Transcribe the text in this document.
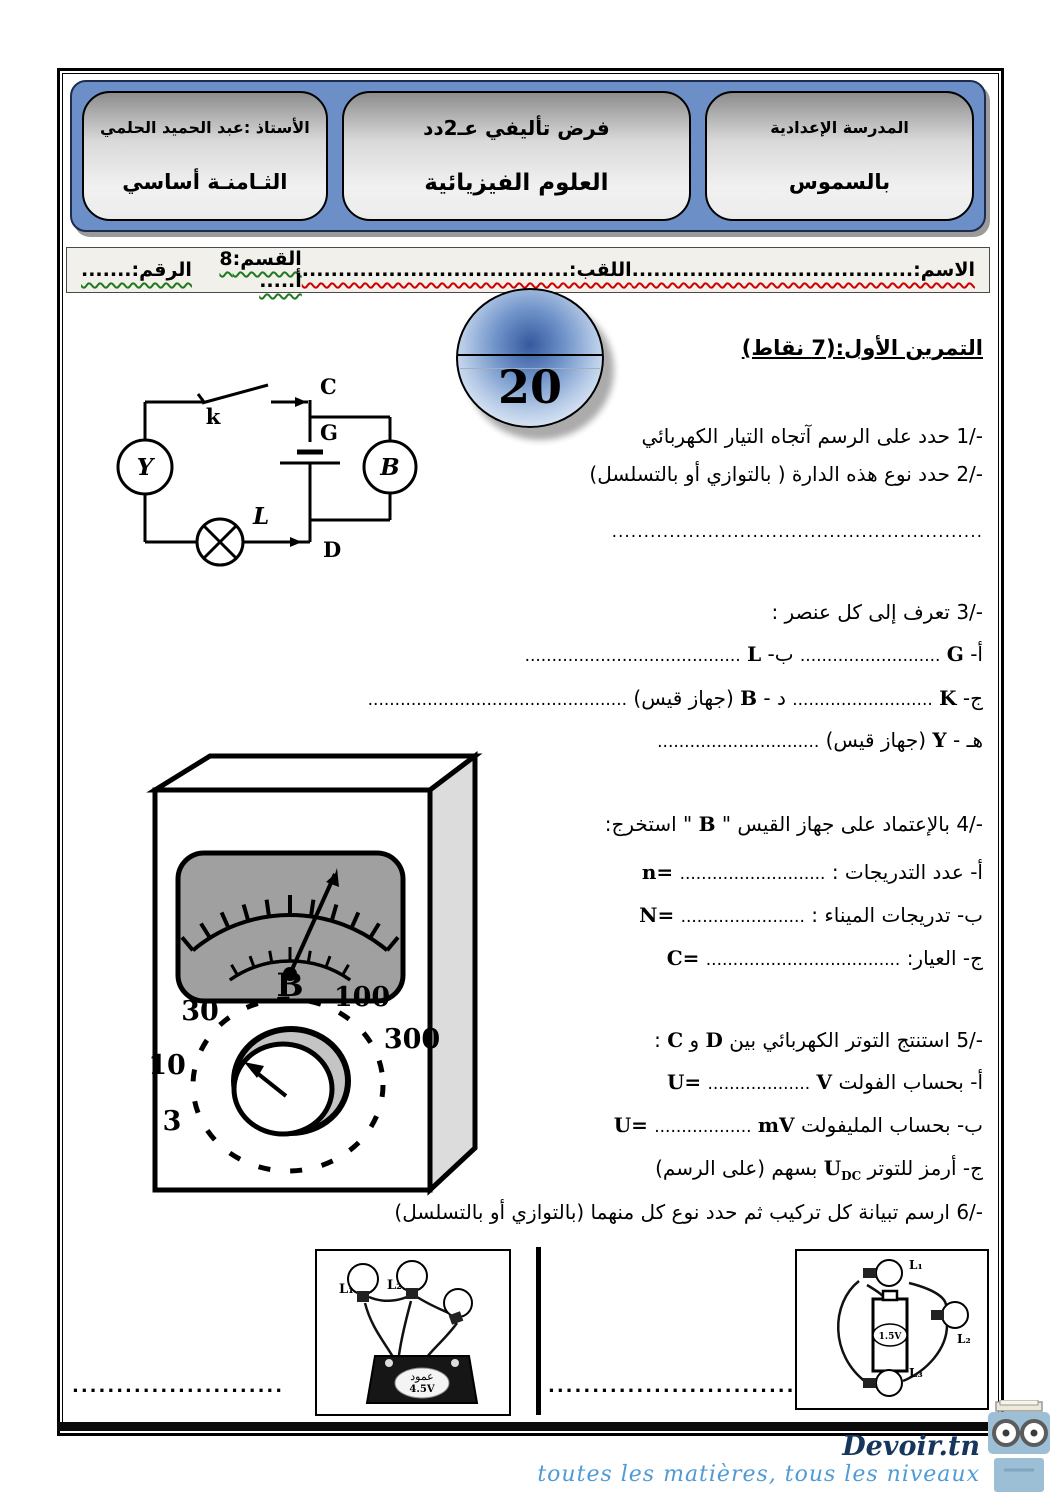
الأستاذ :عبد الحميد الحلمي
الثـامنـة أساسي
فرض تأليفي عـ2دد
العلوم الفيزيائية
المدرسة الإعدادية
بالسموس
الاسم:.......................................
اللقب:.....................................
القسم:8 أ.....
الرقم:.......
20
التمرين الأول:(7 نقاط)
Y	B
k
C
G
L
D
1/- حدد على الرسم آتجاه التيار الكهربائي
2/- حدد نوع هذه الدارة ( بالتوازي أو بالتسلسل)
..........................................................
3/- تعرف إلى كل عنصر :
أ- G .......................... ب- L ........................................
ج- K .......................... د - B (جهاز قيس) ................................................
هـ - Y (جهاز قيس) ..............................
B
3
10
30	100
300
4/- بالإعتماد على جهاز القيس " B " استخرج:
أ- عدد التدريجات : ........................... n=
ب- تدريجات الميناء : ....................... N=
ج- العيار: .................................... C=
5/- استنتج التوتر الكهربائي بين D و C :
أ- بحساب الفولت V ................... U=
ب- بحساب المليفولت mV .................. U=
ج- أرمز للتوتر $U_{DC}$ بسهم (على الرسم)
6/- ارسم تبيانة كل تركيب ثم حدد نوع كل منهما (بالتوازي أو بالتسلسل)
عمود
4.5V
L₁	L₂
1.5V
L₁
L₂
L₃
........................	............................
Devoir.tn
toutes les matières, tous les niveaux
